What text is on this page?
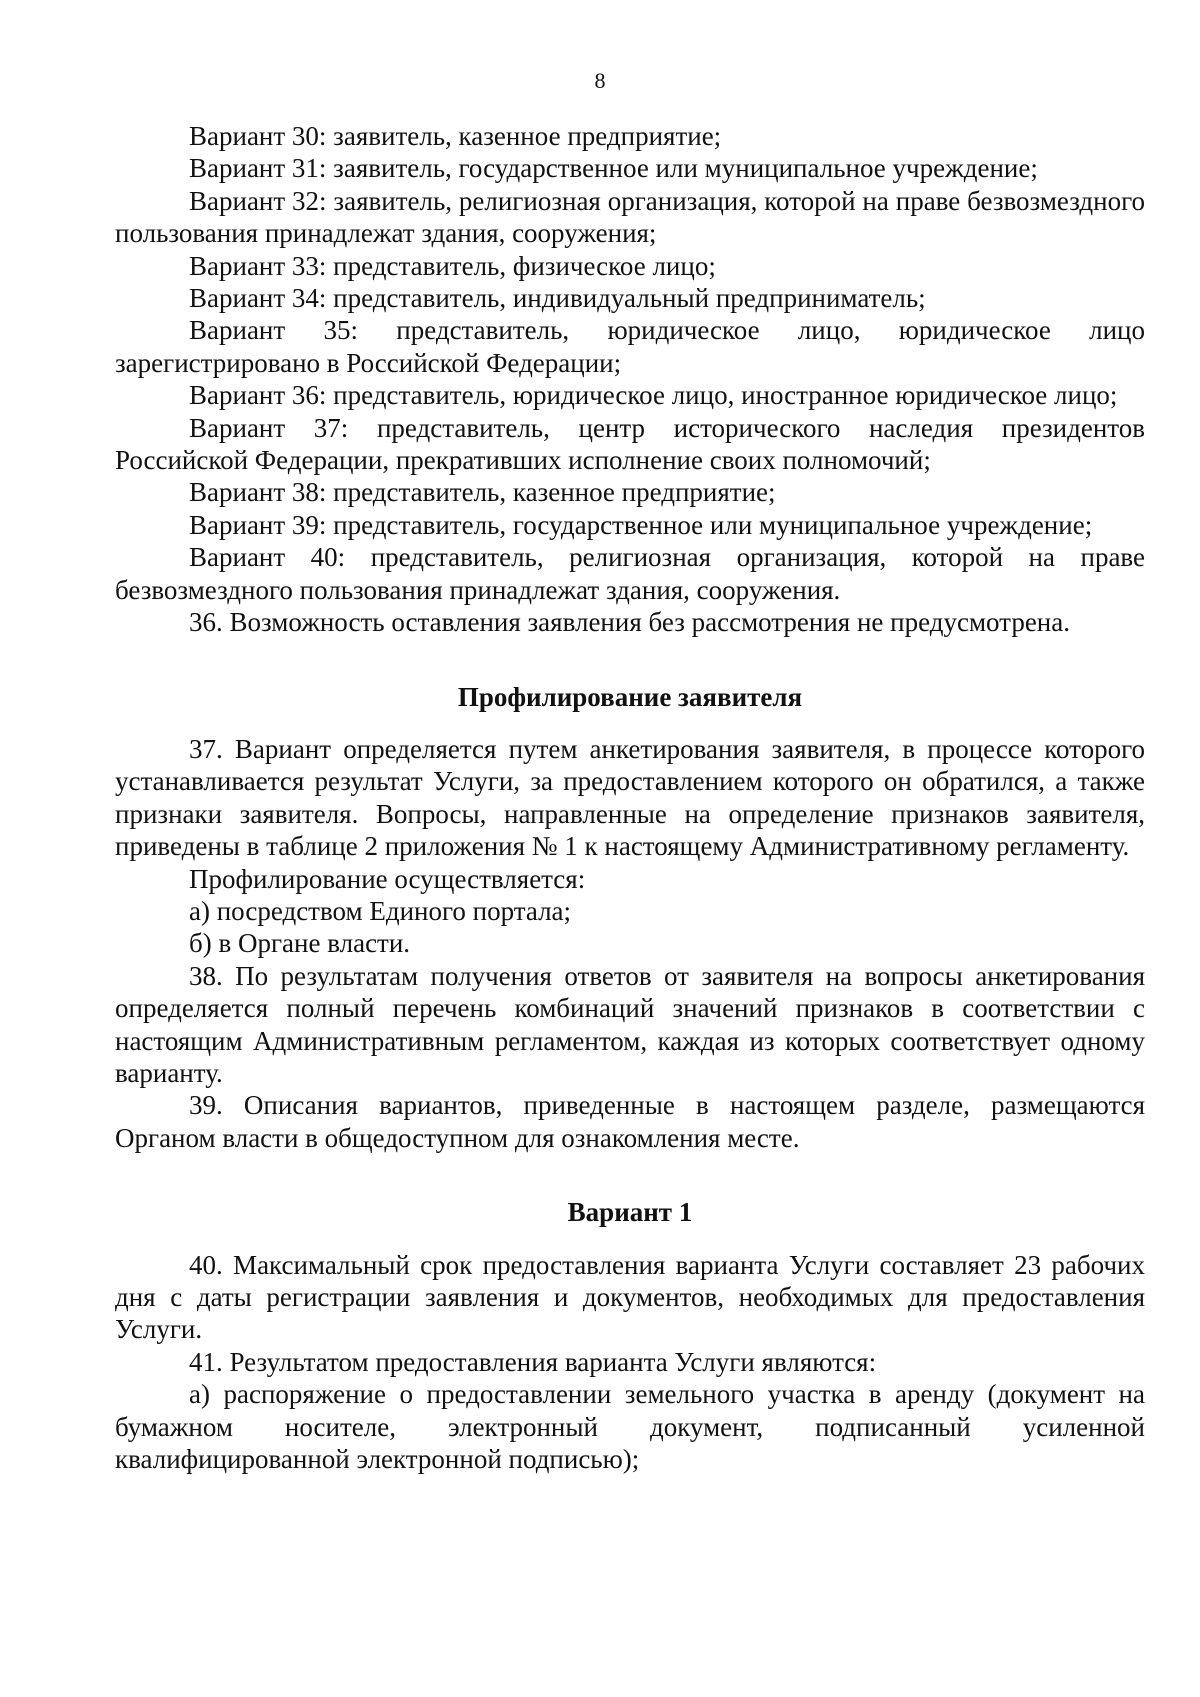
8

Вариант 30: заявитель, казенное предприятие;

Вариант 31: заявитель, государственное или муниципальное учреждение;

Вариант 32: заявитель, религиозная организация, которой на праве безвозмездного пользования принадлежат здания, сооружения;

Вариант 33: представитель, физическое лицо;

Вариант 34: представитель, индивидуальный предприниматель;

Вариант 35: представитель, юридическое лицо, юридическое лицо зарегистрировано в Российской Федерации;

Вариант 36: представитель, юридическое лицо, иностранное юридическое лицо;

Вариант 37: представитель, центр исторического наследия президентов Российской Федерации, прекративших исполнение своих полномочий;

Вариант 38: представитель, казенное предприятие;

Вариант 39: представитель, государственное или муниципальное учреждение;

Вариант 40: представитель, религиозная организация, которой на праве безвозмездного пользования принадлежат здания, сооружения.

36. Возможность оставления заявления без рассмотрения не предусмотрена.

Профилирование заявителя

37. Вариант определяется путем анкетирования заявителя, в процессе которого устанавливается результат Услуги, за предоставлением которого он обратился, а также признаки заявителя. Вопросы, направленные на определение признаков заявителя, приведены в таблице 2 приложения № 1 к настоящему Административному регламенту.

Профилирование осуществляется:

а) посредством Единого портала;

б) в Органе власти.

38. По результатам получения ответов от заявителя на вопросы анкетирования определяется полный перечень комбинаций значений признаков в соответствии с настоящим Административным регламентом, каждая из которых соответствует одному варианту.

39. Описания вариантов, приведенные в настоящем разделе, размещаются Органом власти в общедоступном для ознакомления месте.

Вариант 1

40. Максимальный срок предоставления варианта Услуги составляет 23 рабочих дня с даты регистрации заявления и документов, необходимых для предоставления Услуги.

41. Результатом предоставления варианта Услуги являются:

а) распоряжение о предоставлении земельного участка в аренду (документ на бумажном носителе, электронный документ, подписанный усиленной квалифицированной электронной подписью);
